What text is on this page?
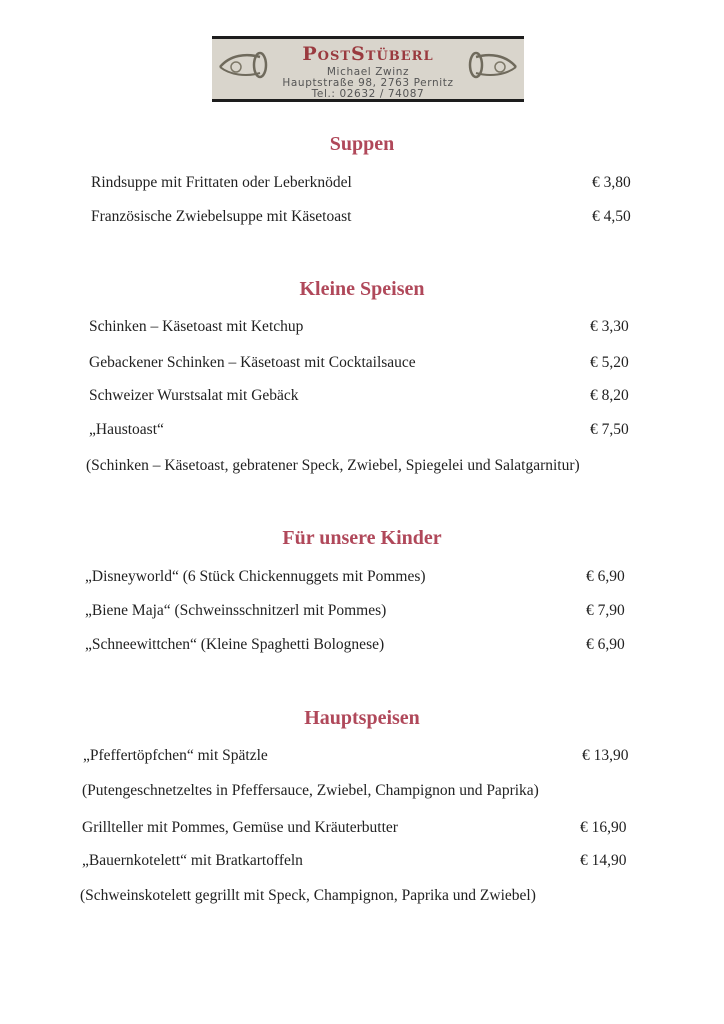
PostStüberl
Michael Zwinz
Hauptstraße 98, 2763 Pernitz
Tel.: 02632 / 74087
Suppen
Rindsuppe mit Frittaten oder Leberknödel	€ 3,80
Französische Zwiebelsuppe mit Käsetoast	€ 4,50
Kleine Speisen
Schinken – Käsetoast mit Ketchup	€ 3,30
Gebackener Schinken – Käsetoast mit Cocktailsauce	€ 5,20
Schweizer Wurstsalat mit Gebäck	€ 8,20
„Haustoast“	€ 7,50
(Schinken – Käsetoast, gebratener Speck, Zwiebel, Spiegelei und Salatgarnitur)
Für unsere Kinder
„Disneyworld“ (6 Stück Chickennuggets mit Pommes)	€ 6,90
„Biene Maja“ (Schweinsschnitzerl mit Pommes)	€ 7,90
„Schneewittchen“ (Kleine Spaghetti Bolognese)	€ 6,90
Hauptspeisen
„Pfeffertöpfchen“ mit Spätzle	€ 13,90
(Putengeschnetzeltes in Pfeffersauce, Zwiebel, Champignon und Paprika)
Grillteller mit Pommes, Gemüse und Kräuterbutter	€ 16,90
„Bauernkotelett“ mit Bratkartoffeln	€ 14,90
(Schweinskotelett gegrillt mit Speck, Champignon, Paprika und Zwiebel)
